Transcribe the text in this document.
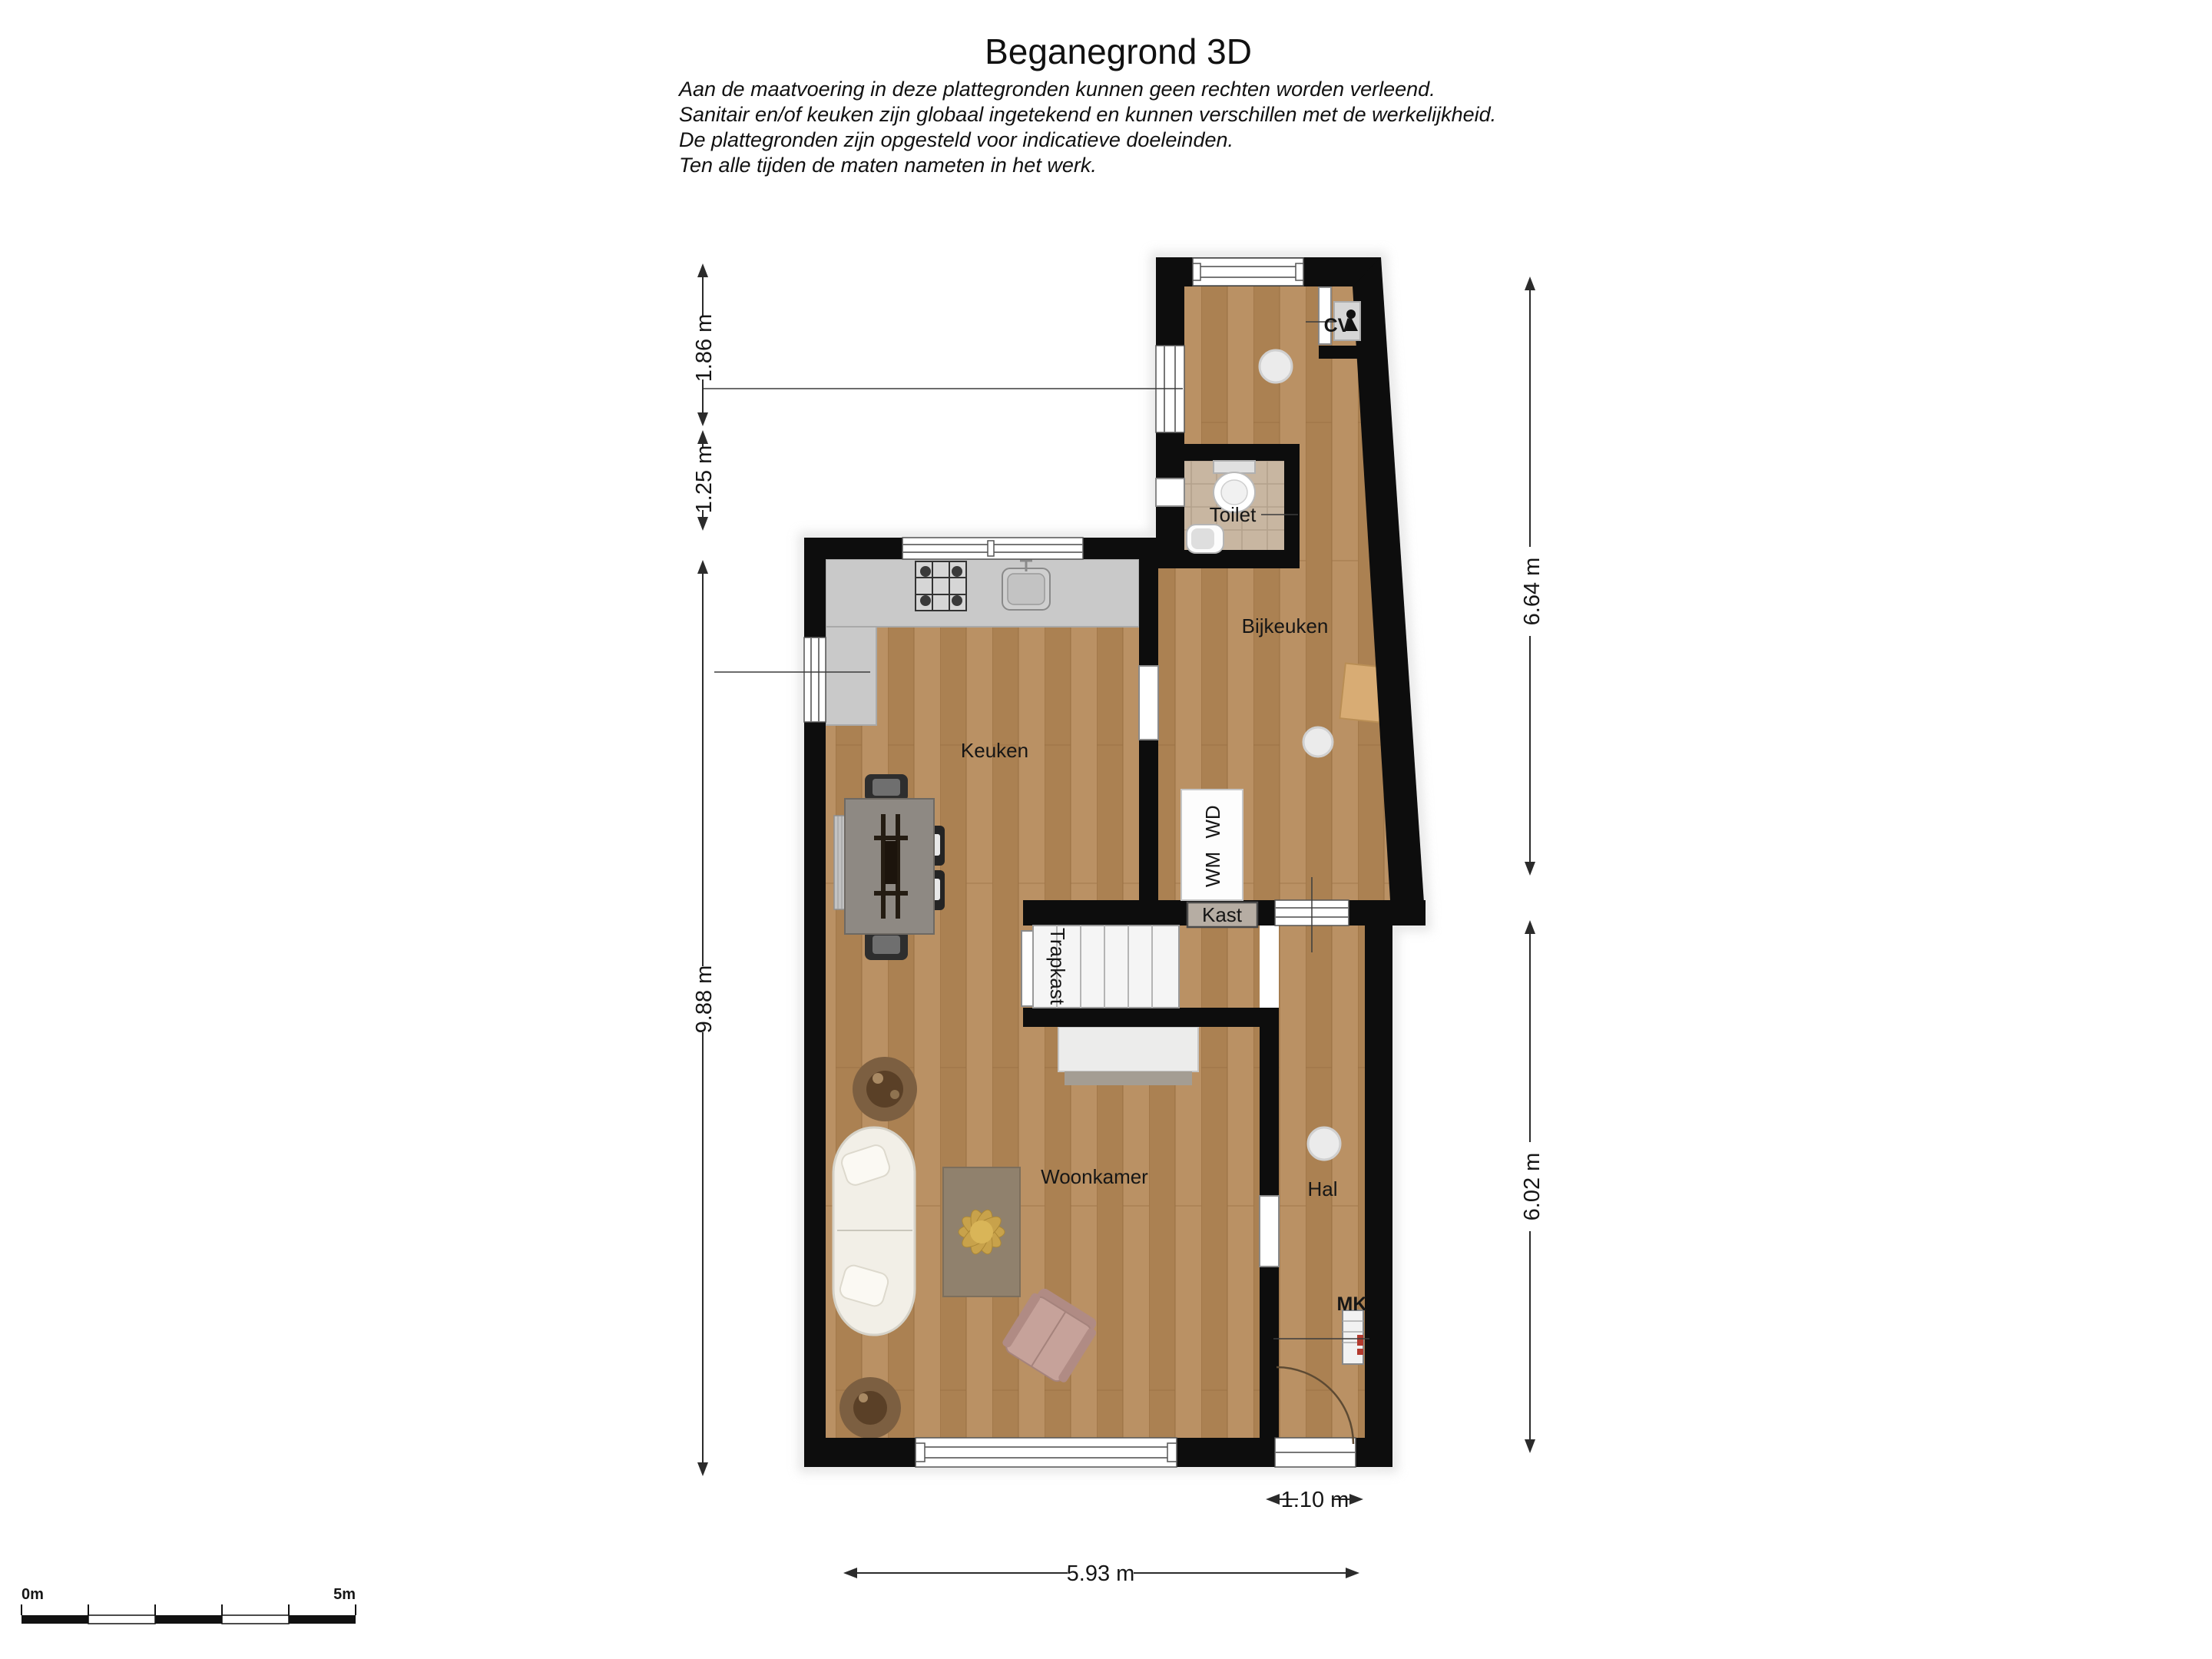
Beganegrond 3D
Aan de maatvoering in deze plattegronden kunnen geen rechten worden verleend.
Sanitair en/of keuken zijn globaal ingetekend en kunnen verschillen met de werkelijkheid.
De plattegronden zijn opgesteld voor indicatieve doeleinden.
Ten alle tijden de maten nameten in het werk.
Keuken
Bijkeuken
Toilet
Woonkamer
Hal
Trapkast
Kast
WD
WM
CV
MK
1.86 m
1.25 m
9.88 m
6.64 m
6.02 m
1.10 m
5.93 m
0m	5m
